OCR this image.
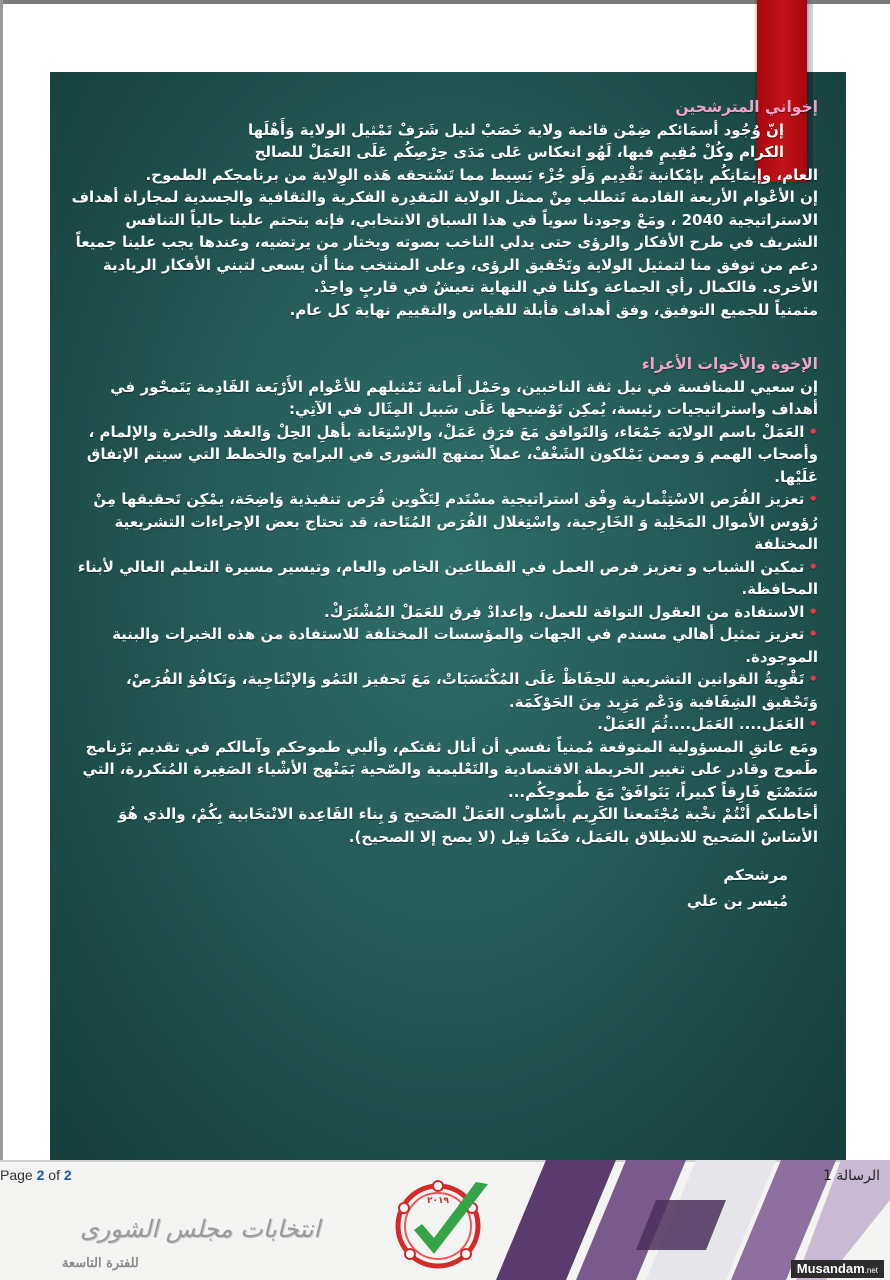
إخواني المترشحين

إنّ وُجُود أسمَائكم ضِمْن قائمة ولاية خَصَبْ لنيل شَرَفْ تَمْثيل الولاية وَأَهْلَها

الكرام وكُلْ مُقِيمٍ فيها، لَهُو انعكاس عَلى مَدَى حِرْصِكُم عَلَى العَمَلْ للصالح

العام، وإيمَانِكُم بإمْكانية تَقْدِيم وَلَو جُزْء بَسِيط مما تَسْتحقه هَذه الوِلاية من برنامجكم الطموح.

إن الأعْوام الأربعة القادمة تَتطلب مِنْ ممثل الولاية المَقدِرة الفكرية والثقافية والجسدية لمجاراة أهداف الاستراتيجية 2040 ، ومَعْ وجودنا سوياً في هذا السباق الانتخابي، فإنه يتحتم علينا حالياً التنافس الشريف في طرح الأفكار والرؤى حتى يدلي الناخب بصوته ويختار من يرتضيه، وعندها يجب علينا جميعاً دعم من توفق منا لتمثيل الولاية وتَحْقيق الرؤى، وعلى المنتخب منا أن يسعى لتبني الأفكار الريادية الأخرى. فالكمال رأي الجماعة وكلنا في النهاية نعيشُ في قاربٍ واحِدْ.

متمنياً للجميع التوفيق، وفق أهداف قأبلة للقياس والتقييم نهاية كل عام.

الإخوة والأخوات الأعزاء

إن سعيي للمنافسة في نيل ثقة الناخبين، وحَمْل أَمانة تَمْثيلهم للأعْوام الأَرْبَعة القَادِمة يَتَمحْور في أهداف واستراتيجيات رئيسة، يُمكِن تَوْضيحها عَلَى سَبيل المِثَال في الآتِي:

•العَمَلْ باسم الولايَة جَمْعَاء، وَالتَوافق مَعَ فرَق عَمَلْ، والإسْتِعَانة بأهلِ الحِلْ وَالعقد والخبرة والإلمام ، وأصحاب الهمم وَ وممن يَمْلكون الشَغْفْ، عملاً بمنهج الشورى في البرامج والخطط التي سيتم الإتفاق عَلَيْها.

•تعزيز الفُرَص الاسْتِثْمارية وِفْق استراتيجية مسْتَدم لِتَكْوين فُرَص تنفيذية وَاضِحَة، يمْكِن تَحقيقها مِنْ رُؤوس الأموال المَحَلِية وَ الخَارِجية، واسْتِغلال الفُرَص المُتَاحة، قد تحتاج بعض الإجراءات التشريعية المختلفة

•تمكين الشباب و تعزيز فرص العمل في القطاعين الخاص والعام، وتيسير مسيرة التعليم العالي لأبناء المحافظة.

•الاستفادة من العقول التواقة للعمل، وإعدادْ فِرق للعَمَلْ المُشْتَرَكْ.

•تعزيز تمثيل أهالي مسندم في الجهات والمؤسسات المختلفة للاستفادة من هذه الخبرات والبنية الموجودة.

•تَقْوِيةُ القوانين التشريعية للحِفَاظْ عَلَى المُكْتَسَبَاتْ، مَعَ تَحفيز النَمُو وَالإنْتَاجِية، وَتَكافُؤ الفُرَصْ، وَتَحْقيق الشِفَافية وَدَعْم مَزِيد مِنَ الحَوْكَمَة.

•العَمَل.... العَمَل....ثُمَ العَمَلْ.

ومَع عاتقِ المسؤولية المتوقعة مُمنياً نفسي أن أنال ثقتكم، وألبي طموحكم وآمالكم في تقديم بَرْنامج طَموح وقادر على تغيير الخريطة الاقتصادية والتَعْليمية والصّحية بَمَنْهج الأشْياء الصَغِيرة المُتكررة، التي سَتَصْنَع فَارِقاً كبيراً، يَتَوافَقْ مَعَ طُموحِكُم...

أخاطبكم أنْتُمْ نخْبة مُجْتَمعنا الكَرِيم بأسْلوب العَمَلْ الصَحيح وَ بِناء القَاعِدة الانْتخَابية بِكُمْ، والذي هُوَ الأسَاسْ الصَحيح للانطِلاق بالعَمَل، فكَمَا قِيل (لا يصح إلا الصحيح).

مرشحكم

مُيسر بن علي

Page 2 of 2
انتخابات مجلس الشورى
للفترة التاسعة
٢٠١٩
الرسالة 1
Musandam.net
